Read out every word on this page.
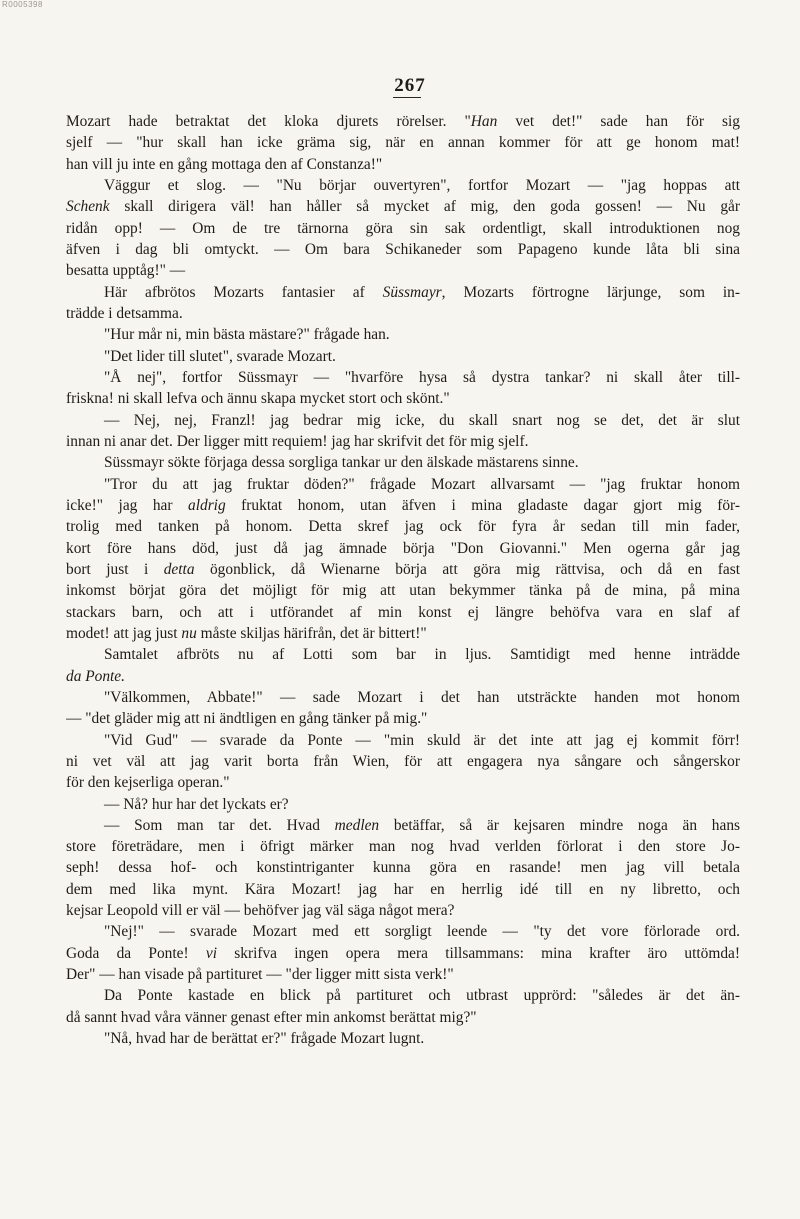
R0005398
267
Mozart hade betraktat det kloka djurets rörelser. "Han vet det!" sade han för sig
sjelf — "hur skall han icke gräma sig, när en annan kommer för att ge honom mat!
han vill ju inte en gång mottaga den af Constanza!"
Väggur et slog. — "Nu börjar ouvertyren", fortfor Mozart — "jag hoppas att
Schenk skall dirigera väl! han håller så mycket af mig, den goda gossen! — Nu går
ridån opp! — Om de tre tärnorna göra sin sak ordentligt, skall introduktionen nog
äfven i dag bli omtyckt. — Om bara Schikaneder som Papageno kunde låta bli sina
besatta upptåg!" —
Här afbrötos Mozarts fantasier af Süssmayr, Mozarts förtrogne lärjunge, som in-
trädde i detsamma.
"Hur mår ni, min bästa mästare?" frågade han.
"Det lider till slutet", svarade Mozart.
"Å nej", fortfor Süssmayr — "hvarföre hysa så dystra tankar? ni skall åter till-
friskna! ni skall lefva och ännu skapa mycket stort och skönt."
— Nej, nej, Franzl! jag bedrar mig icke, du skall snart nog se det, det är slut
innan ni anar det. Der ligger mitt requiem! jag har skrifvit det för mig sjelf.
Süssmayr sökte förjaga dessa sorgliga tankar ur den älskade mästarens sinne.
"Tror du att jag fruktar döden?" frågade Mozart allvarsamt — "jag fruktar honom
icke!" jag har aldrig fruktat honom, utan äfven i mina gladaste dagar gjort mig för-
trolig med tanken på honom. Detta skref jag ock för fyra år sedan till min fader,
kort före hans död, just då jag ämnade börja "Don Giovanni." Men ogerna går jag
bort just i detta ögonblick, då Wienarne börja att göra mig rättvisa, och då en fast
inkomst börjat göra det möjligt för mig att utan bekymmer tänka på de mina, på mina
stackars barn, och att i utförandet af min konst ej längre behöfva vara en slaf af
modet! att jag just nu måste skiljas härifrån, det är bittert!"
Samtalet afbröts nu af Lotti som bar in ljus. Samtidigt med henne inträdde
da Ponte.
"Välkommen, Abbate!" — sade Mozart i det han utsträckte handen mot honom
— "det gläder mig att ni ändtligen en gång tänker på mig."
"Vid Gud" — svarade da Ponte — "min skuld är det inte att jag ej kommit förr!
ni vet väl att jag varit borta från Wien, för att engagera nya sångare och sångerskor
för den kejserliga operan."
— Nå? hur har det lyckats er?
— Som man tar det. Hvad medlen betäffar, så är kejsaren mindre noga än hans
store företrädare, men i öfrigt märker man nog hvad verlden förlorat i den store Jo-
seph! dessa hof- och konstintriganter kunna göra en rasande! men jag vill betala
dem med lika mynt. Kära Mozart! jag har en herrlig idé till en ny libretto, och
kejsar Leopold vill er väl — behöfver jag väl säga något mera?
"Nej!" — svarade Mozart med ett sorgligt leende — "ty det vore förlorade ord.
Goda da Ponte! vi skrifva ingen opera mera tillsammans: mina krafter äro uttömda!
Der" — han visade på partituret — "der ligger mitt sista verk!"
Da Ponte kastade en blick på partituret och utbrast upprörd: "således är det än-
då sannt hvad våra vänner genast efter min ankomst berättat mig?"
"Nå, hvad har de berättat er?" frågade Mozart lugnt.
